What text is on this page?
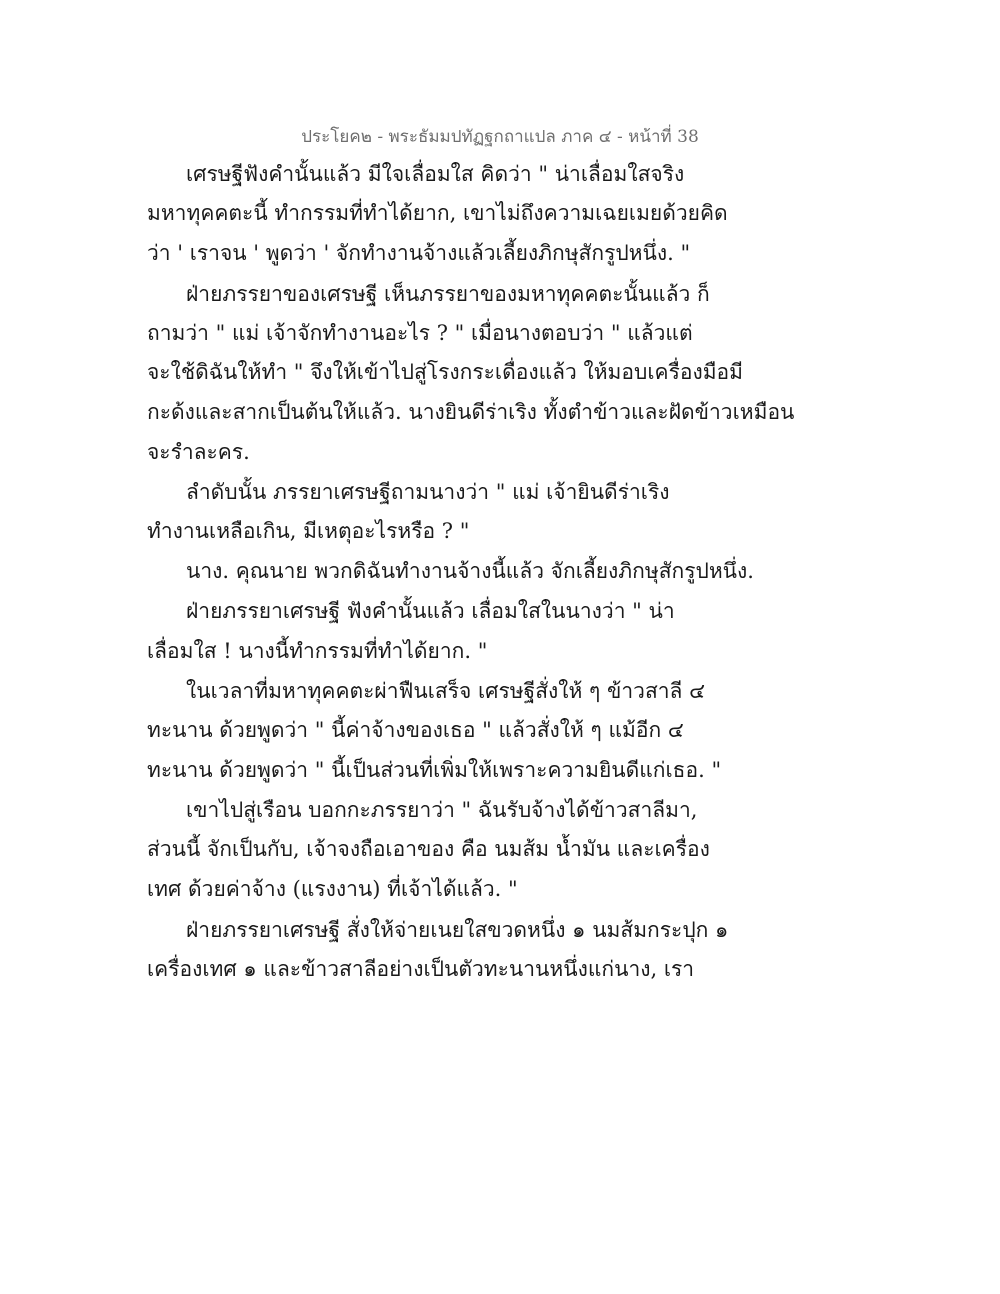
ประโยค๒ - พระธัมมปทัฏฐกถาแปล ภาค ๔ - หน้าที่ 38
เศรษฐีฟังคำนั้นแล้ว มีใจเลื่อมใส คิดว่า " น่าเลื่อมใสจริง
มหาทุคคตะนี้ ทำกรรมที่ทำได้ยาก, เขาไม่ถึงความเฉยเมยด้วยคิด
ว่า ' เราจน ' พูดว่า ' จักทำงานจ้างแล้วเลี้ยงภิกษุสักรูปหนึ่ง. "
ฝ่ายภรรยาของเศรษฐี เห็นภรรยาของมหาทุคคตะนั้นแล้ว ก็
ถามว่า " แม่ เจ้าจักทำงานอะไร ? " เมื่อนางตอบว่า " แล้วแต่
จะใช้ดิฉันให้ทำ " จึงให้เข้าไปสู่โรงกระเดื่องแล้ว ให้มอบเครื่องมือมี
กะด้งและสากเป็นต้นให้แล้ว. นางยินดีร่าเริง ทั้งตำข้าวและฝัดข้าวเหมือน
จะรำละคร.
ลำดับนั้น ภรรยาเศรษฐีถามนางว่า " แม่ เจ้ายินดีร่าเริง
ทำงานเหลือเกิน, มีเหตุอะไรหรือ ? "
นาง. คุณนาย พวกดิฉันทำงานจ้างนี้แล้ว จักเลี้ยงภิกษุสักรูปหนึ่ง.
ฝ่ายภรรยาเศรษฐี ฟังคำนั้นแล้ว เลื่อมใสในนางว่า " น่า
เลื่อมใส ! นางนี้ทำกรรมที่ทำได้ยาก. "
ในเวลาที่มหาทุคคตะผ่าฟืนเสร็จ เศรษฐีสั่งให้ ๆ ข้าวสาลี ๔
ทะนาน ด้วยพูดว่า " นี้ค่าจ้างของเธอ " แล้วสั่งให้ ๆ แม้อีก ๔
ทะนาน ด้วยพูดว่า " นี้เป็นส่วนที่เพิ่มให้เพราะความยินดีแก่เธอ. "
เขาไปสู่เรือน บอกกะภรรยาว่า " ฉันรับจ้างได้ข้าวสาลีมา,
ส่วนนี้ จักเป็นกับ, เจ้าจงถือเอาของ คือ นมส้ม น้ำมัน และเครื่อง
เทศ ด้วยค่าจ้าง (แรงงาน) ที่เจ้าได้แล้ว. "
ฝ่ายภรรยาเศรษฐี สั่งให้จ่ายเนยใสขวดหนึ่ง ๑ นมส้มกระปุก ๑
เครื่องเทศ ๑ และข้าวสาลีอย่างเป็นตัวทะนานหนึ่งแก่นาง, เรา
